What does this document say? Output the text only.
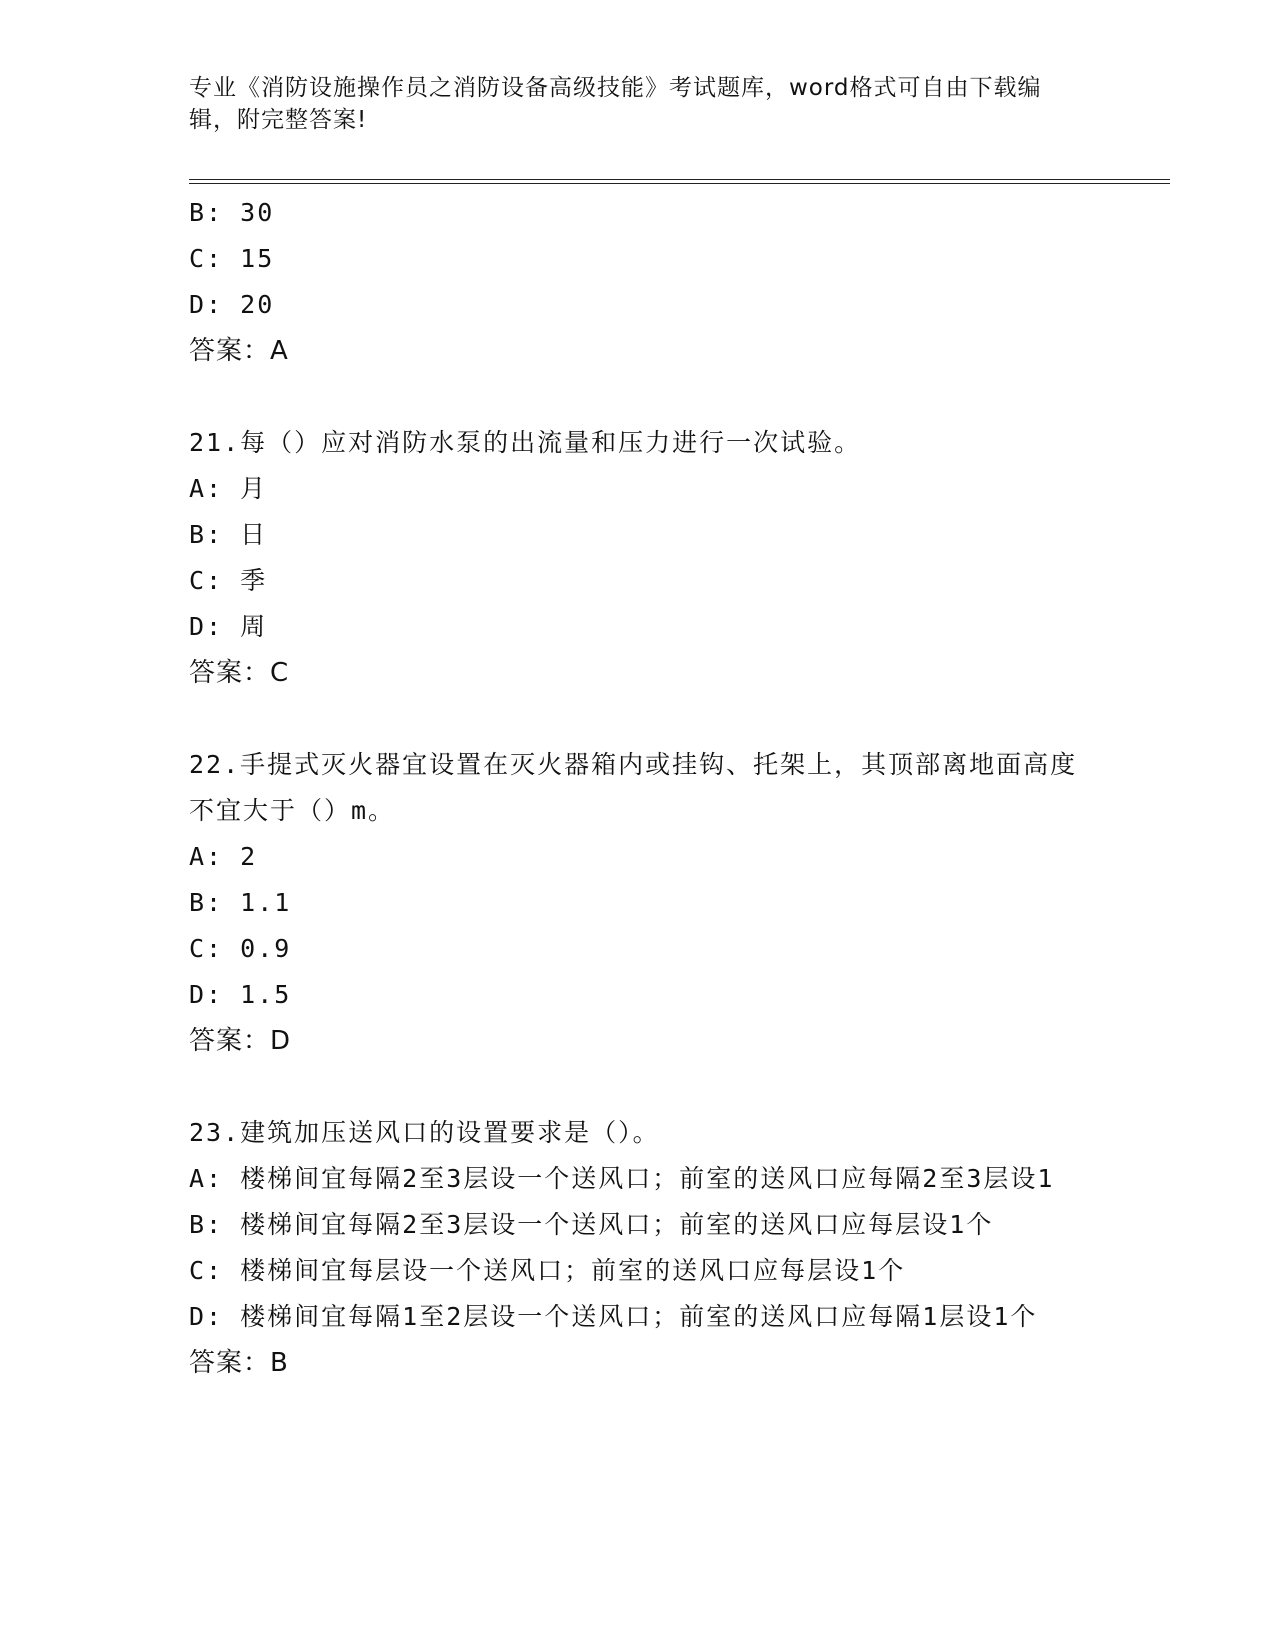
专业《消防设施操作员之消防设备高级技能》考试题库，word格式可自由下载编辑，附完整答案!
B: 30
C: 15
D: 20
答案：A
21.每（）应对消防水泵的出流量和压力进行一次试验。
A: 月
B: 日
C: 季
D: 周
答案：C
22.手提式灭火器宜设置在灭火器箱内或挂钩、托架上，其顶部离地面高度不宜大于（）m。
A: 2
B: 1.1
C: 0.9
D: 1.5
答案：D
23.建筑加压送风口的设置要求是（）。
A: 楼梯间宜每隔2至3层设一个送风口；前室的送风口应每隔2至3层设1
B: 楼梯间宜每隔2至3层设一个送风口；前室的送风口应每层设1个
C: 楼梯间宜每层设一个送风口；前室的送风口应每层设1个
D: 楼梯间宜每隔1至2层设一个送风口；前室的送风口应每隔1层设1个
答案：B
